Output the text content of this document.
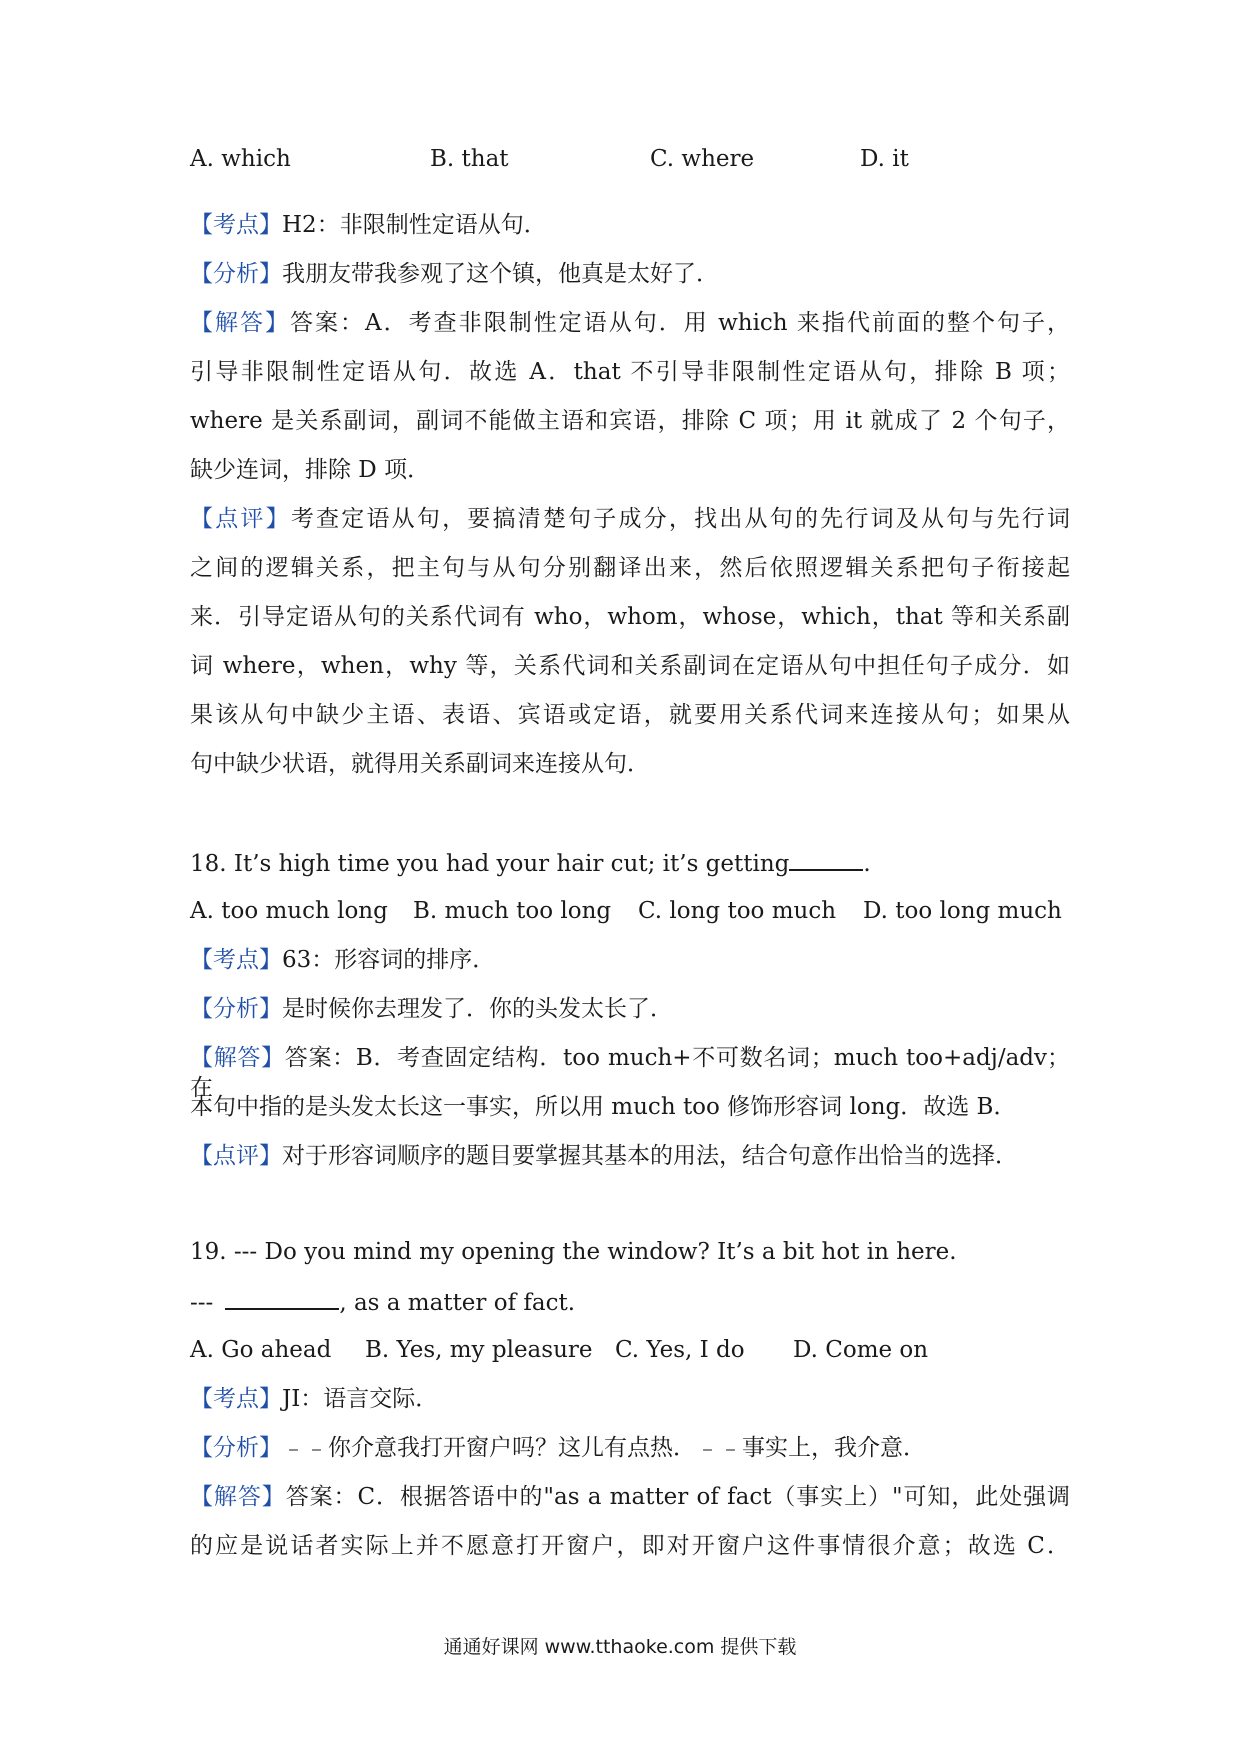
A. which	B. that	C. where	D. it
【考点】H2：非限制性定语从句．
【分析】我朋友带我参观了这个镇，他真是太好了．
【解答】答案：A．考查非限制性定语从句．用 which 来指代前面的整个句子，
引导非限制性定语从句．故选 A．that 不引导非限制性定语从句，排除 B 项；
where 是关系副词，副词不能做主语和宾语，排除 C 项；用 it 就成了 2 个句子，
缺少连词，排除 D 项．
【点评】考查定语从句，要搞清楚句子成分，找出从句的先行词及从句与先行词
之间的逻辑关系，把主句与从句分别翻译出来，然后依照逻辑关系把句子衔接起
来．引导定语从句的关系代词有 who，whom，whose，which，that 等和关系副
词 where，when，why 等，关系代词和关系副词在定语从句中担任句子成分．如
果该从句中缺少主语、表语、宾语或定语，就要用关系代词来连接从句；如果从
句中缺少状语，就得用关系副词来连接从句．
18. It’s high time you had your hair cut; it’s getting	.
A. too much long B. much too long C. long too much D. too long much
【考点】63：形容词的排序．
【分析】是时候你去理发了．你的头发太长了．
【解答】答案：B．考查固定结构．too much+不可数名词；much too+adj/adv； 在
本句中指的是头发太长这一事实，所以用 much too 修饰形容词 long．故选 B．
【点评】对于形容词顺序的题目要掌握其基本的用法，结合句意作出恰当的选择．
19. --- Do you mind my opening the window? It’s a bit hot in here.
---	, as a matter of fact.
A. Go ahead B. Yes, my pleasure C. Yes, I do D. Come on
【考点】JI：语言交际．
【分析】﹣﹣你介意我打开窗户吗？这儿有点热．﹣﹣事实上，我介意．
【解答】答案：C．根据答语中的"as a matter of fact（事实上）"可知，此处强调
的应是说话者实际上并不愿意打开窗户，即对开窗户这件事情很介意；故选 C．
通通好课网 www.tthaoke.com 提供下载
